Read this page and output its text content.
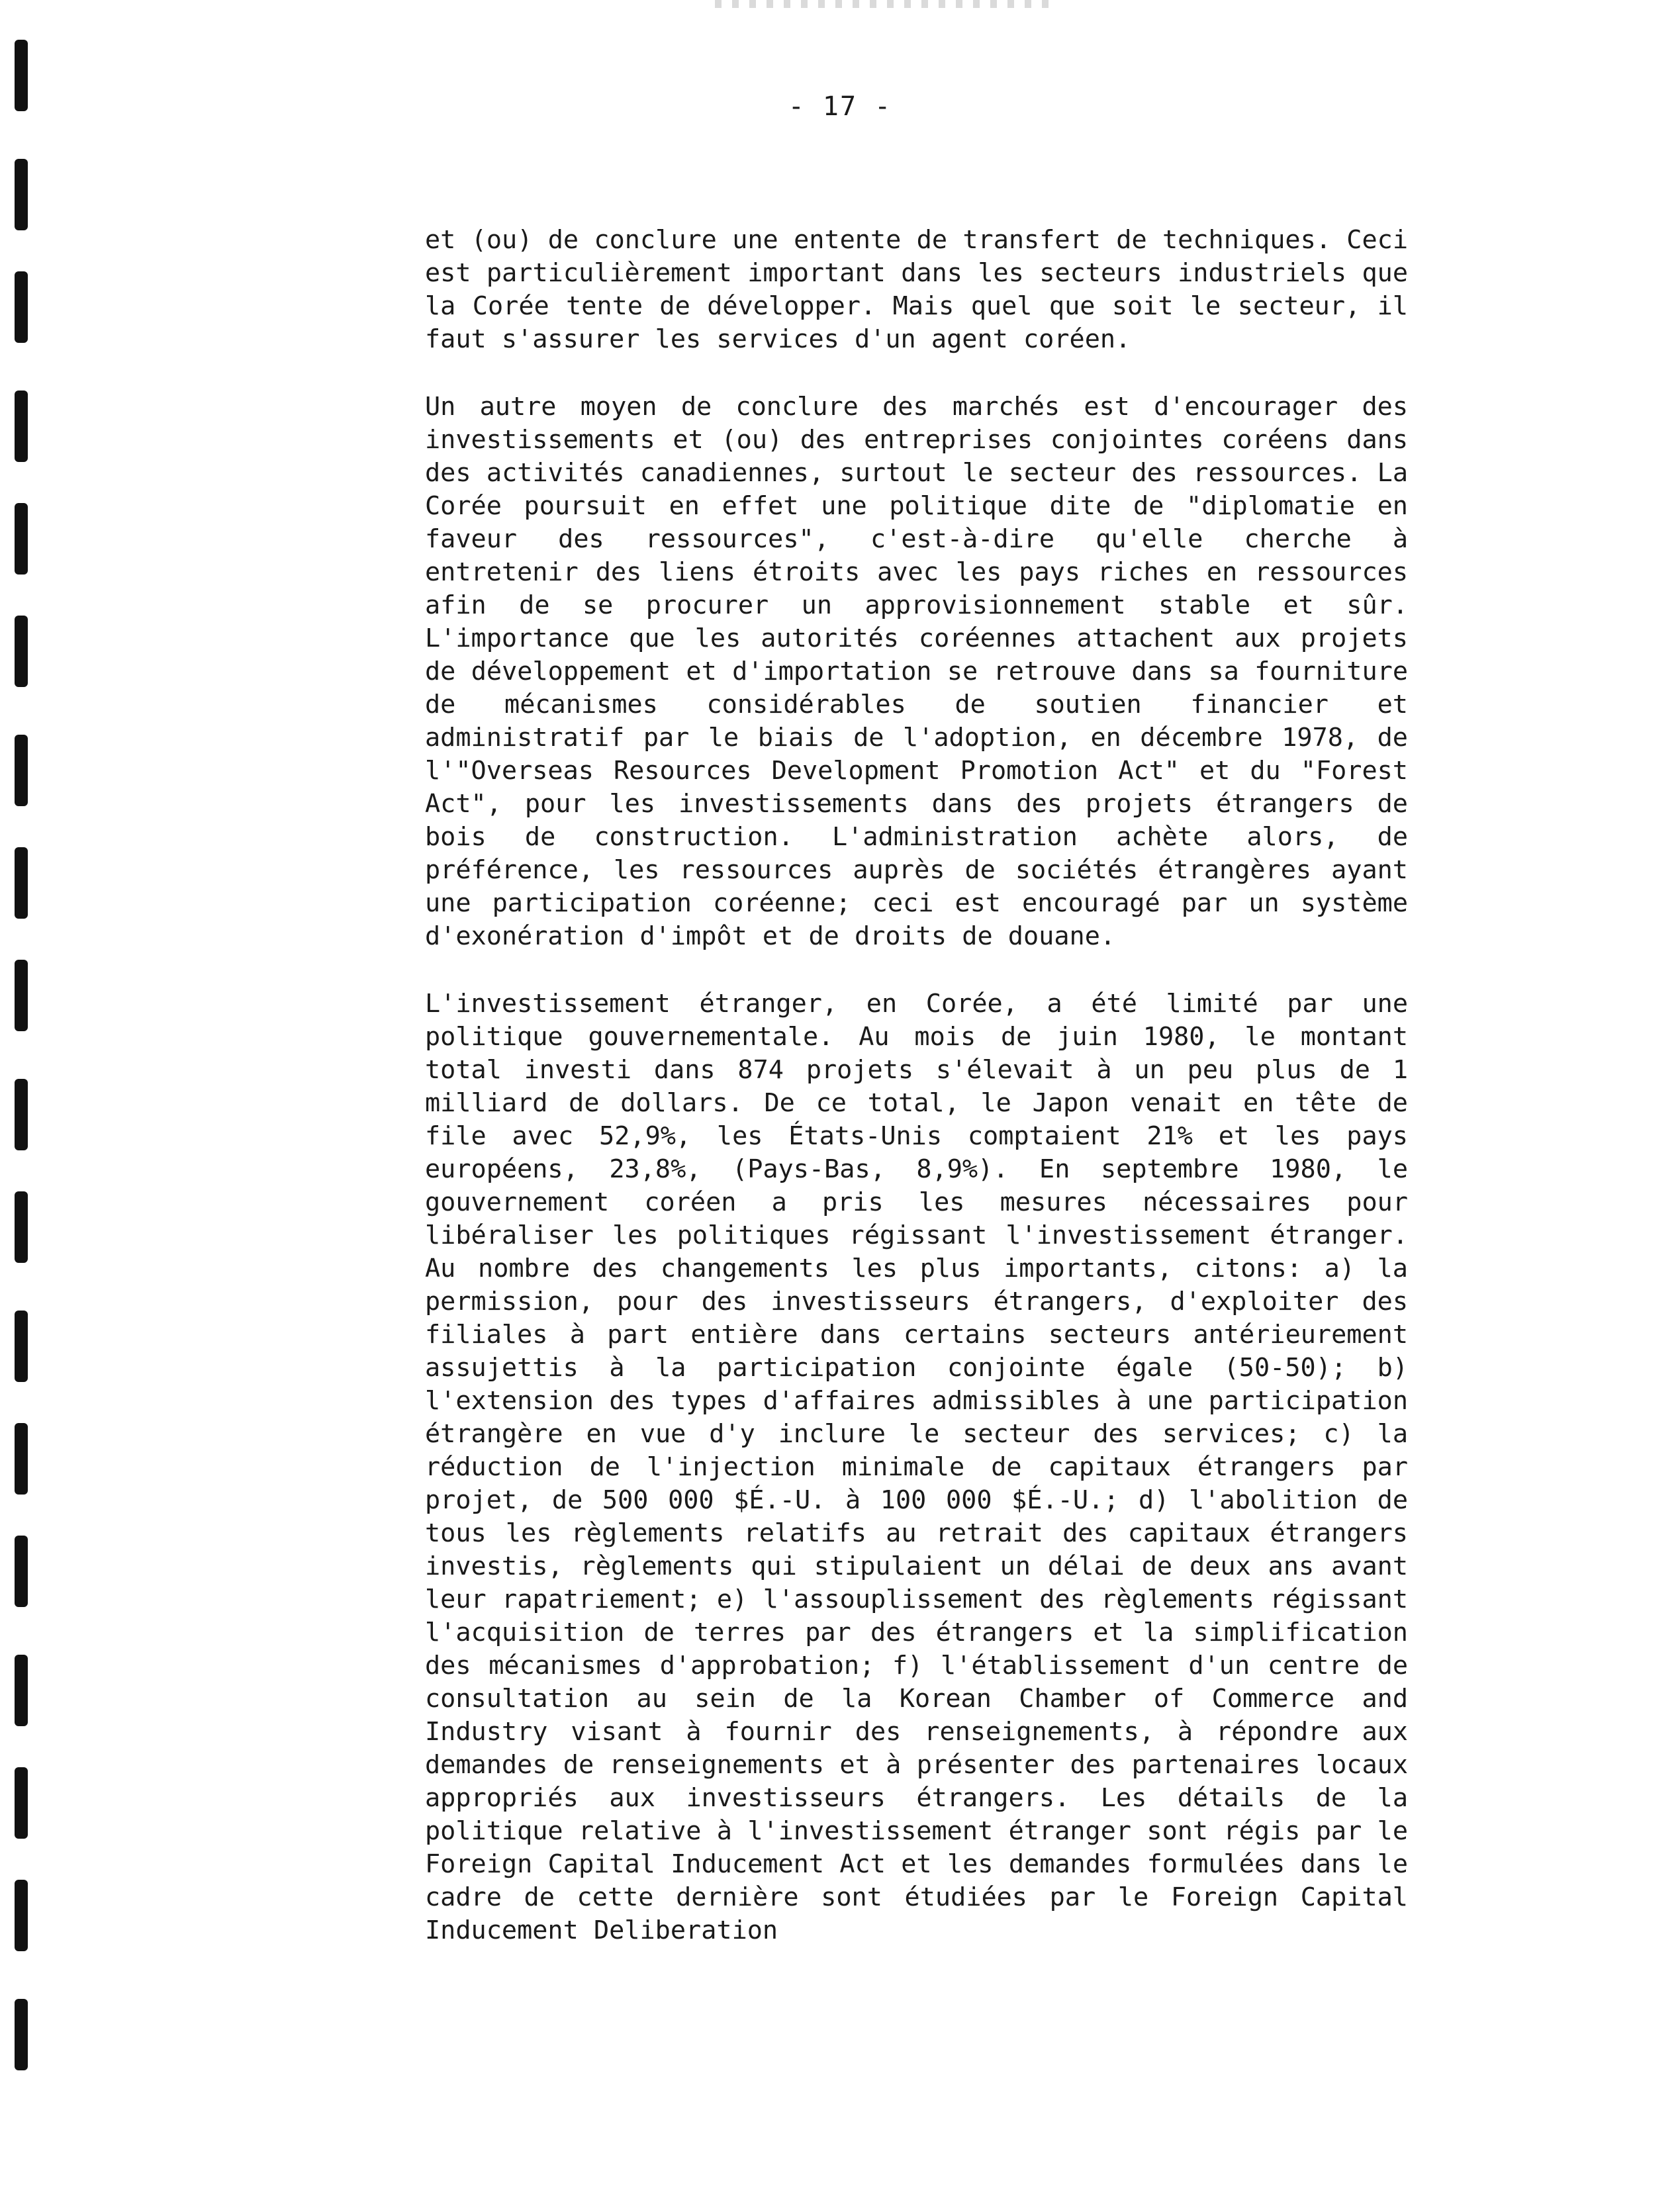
- 17 -

et (ou) de conclure une entente de transfert de techniques. Ceci est particulièrement important dans les secteurs industriels que la Corée tente de développer. Mais quel que soit le secteur, il faut s'assurer les services d'un agent coréen.

Un autre moyen de conclure des marchés est d'encourager des investissements et (ou) des entreprises conjointes coréens dans des activités canadiennes, surtout le secteur des ressources. La Corée poursuit en effet une politique dite de "diplomatie en faveur des ressources", c'est-à-dire qu'elle cherche à entretenir des liens étroits avec les pays riches en ressources afin de se procurer un approvisionnement stable et sûr. L'importance que les autorités coréennes attachent aux projets de développement et d'importation se retrouve dans sa fourniture de mécanismes considérables de soutien financier et administratif par le biais de l'adoption, en décembre 1978, de l'"Overseas Resources Development Promotion Act" et du "Forest Act", pour les investissements dans des projets étrangers de bois de construction. L'administration achète alors, de préférence, les ressources auprès de sociétés étrangères ayant une participation coréenne; ceci est encouragé par un système d'exonération d'impôt et de droits de douane.

L'investissement étranger, en Corée, a été limité par une politique gouvernementale. Au mois de juin 1980, le montant total investi dans 874 projets s'élevait à un peu plus de 1 milliard de dollars. De ce total, le Japon venait en tête de file avec 52,9%, les États-Unis comptaient 21% et les pays européens, 23,8%, (Pays-Bas, 8,9%). En septembre 1980, le gouvernement coréen a pris les mesures nécessaires pour libéraliser les politiques régissant l'investissement étranger. Au nombre des changements les plus importants, citons: a) la permission, pour des investisseurs étrangers, d'exploiter des filiales à part entière dans certains secteurs antérieurement assujettis à la participation conjointe égale (50-50); b) l'extension des types d'affaires admissibles à une participation étrangère en vue d'y inclure le secteur des services; c) la réduction de l'injection minimale de capitaux étrangers par projet, de 500 000 $É.-U. à 100 000 $É.-U.; d) l'abolition de tous les règlements relatifs au retrait des capitaux étrangers investis, règlements qui stipulaient un délai de deux ans avant leur rapatriement; e) l'assouplissement des règlements régissant l'acquisition de terres par des étrangers et la simplification des mécanismes d'approbation; f) l'établissement d'un centre de consultation au sein de la Korean Chamber of Commerce and Industry visant à fournir des renseignements, à répondre aux demandes de renseignements et à présenter des partenaires locaux appropriés aux investisseurs étrangers. Les détails de la politique relative à l'investissement étranger sont régis par le Foreign Capital Inducement Act et les demandes formulées dans le cadre de cette dernière sont étudiées par le Foreign Capital Inducement Deliberation
